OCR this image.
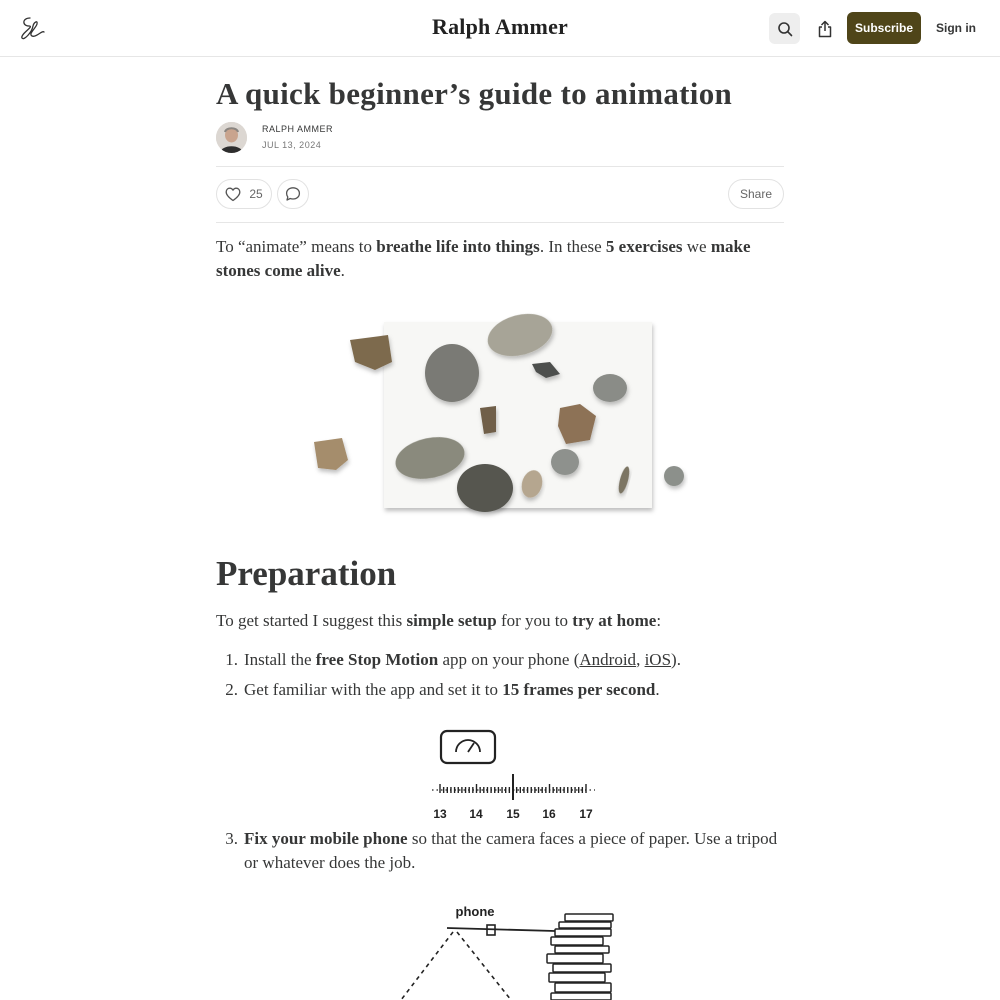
Ralph Ammer	Subscribe	Sign in
A quick beginner’s guide to animation
RALPH AMMER
JUL 13, 2024
25	Share
To “animate” means to breathe life into things. In these 5 exercises we make stones come alive.
Preparation
To get started I suggest this simple setup for you to try at home:
1. Install the free Stop Motion app on your phone (Android, iOS).
2. Get familiar with the app and set it to 15 frames per second.
13 14 15 16 17
3. Fix your mobile phone so that the camera faces a piece of paper. Use a tripod or whatever does the job.
phone
